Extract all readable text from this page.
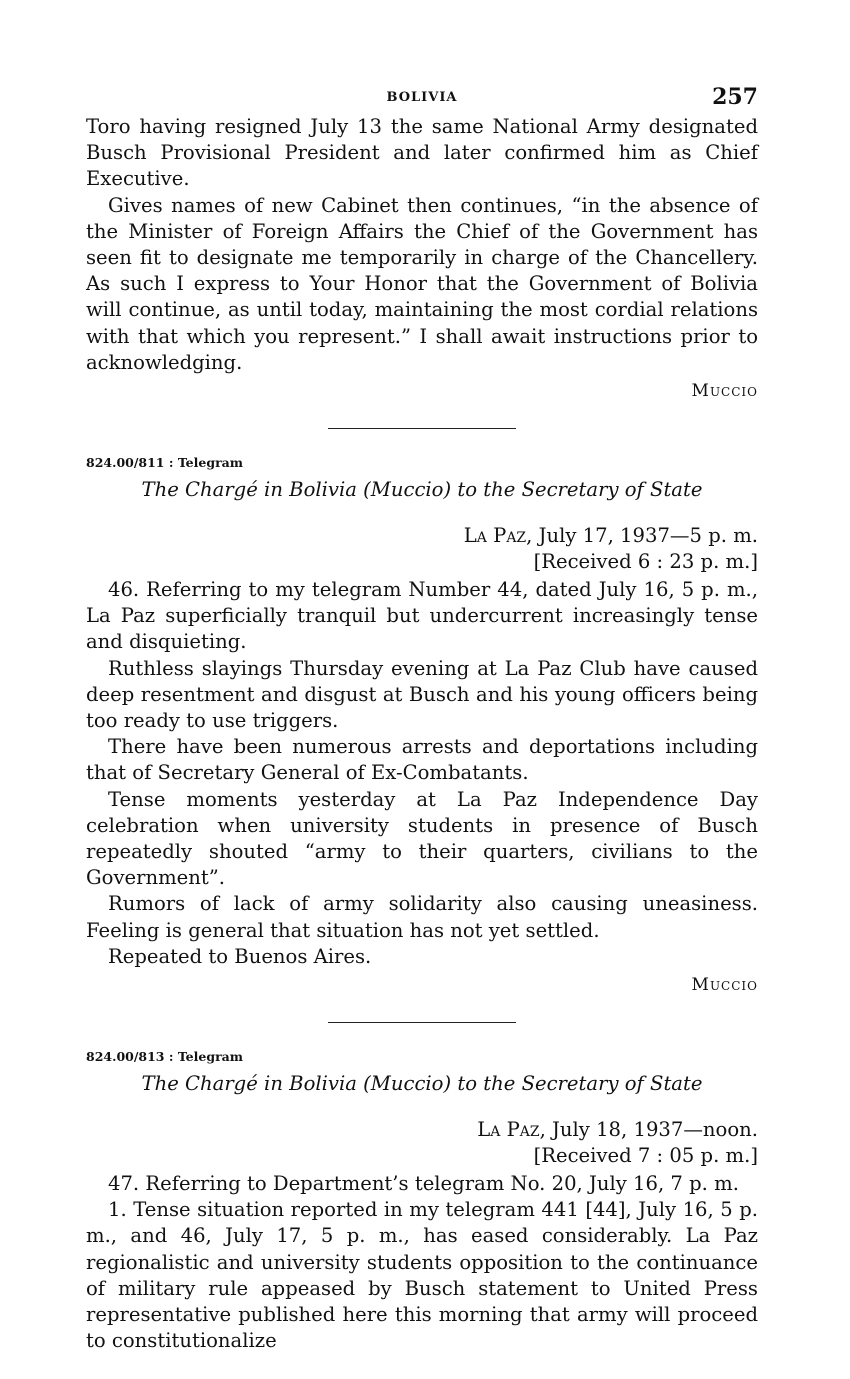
BOLIVIA	257

Toro having resigned July 13 the same National Army designated Busch Provisional President and later confirmed him as Chief Executive.

Gives names of new Cabinet then continues, “in the absence of the Minister of Foreign Affairs the Chief of the Government has seen fit to designate me temporarily in charge of the Chancellery. As such I express to Your Honor that the Government of Bolivia will continue, as until today, maintaining the most cordial relations with that which you represent.” I shall await instructions prior to acknowledging.

Muccio
824.00/811 : Telegram
The Chargé in Bolivia (Muccio) to the Secretary of State
La Paz, July 17, 1937—5 p. m.
[Received 6 : 23 p. m.]

46. Referring to my telegram Number 44, dated July 16, 5 p. m., La Paz superficially tranquil but undercurrent increasingly tense and disquieting.

Ruthless slayings Thursday evening at La Paz Club have caused deep resentment and disgust at Busch and his young officers being too ready to use triggers.

There have been numerous arrests and deportations including that of Secretary General of Ex-Combatants.

Tense moments yesterday at La Paz Independence Day celebration when university students in presence of Busch repeatedly shouted “army to their quarters, civilians to the Government”.

Rumors of lack of army solidarity also causing uneasiness. Feeling is general that situation has not yet settled.

Repeated to Buenos Aires.

Muccio
824.00/813 : Telegram
The Chargé in Bolivia (Muccio) to the Secretary of State
La Paz, July 18, 1937—noon.
[Received 7 : 05 p. m.]

47. Referring to Department’s telegram No. 20, July 16, 7 p. m.

1. Tense situation reported in my telegram 441 [44], July 16, 5 p. m., and 46, July 17, 5 p. m., has eased considerably. La Paz regionalistic and university students opposition to the continuance of military rule appeased by Busch statement to United Press representative published here this morning that army will proceed to constitutionalize
